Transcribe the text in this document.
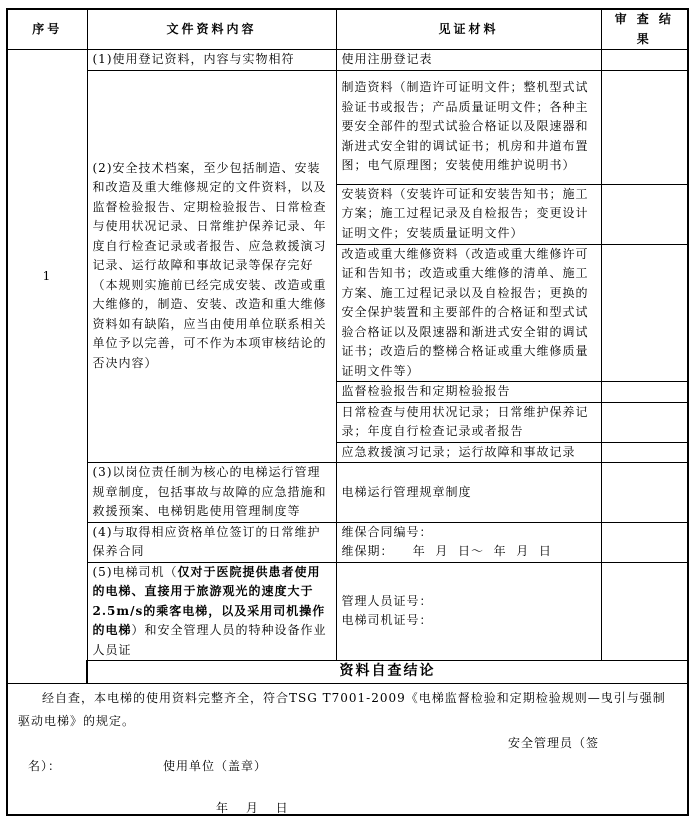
序号	文件资料内容	见证材料	审 查 结 果
1	(1)使用登记资料，内容与实物相符	使用注册登记表	
	(2)安全技术档案，至少包括制造、安装和改造及重大维修规定的文件资料，以及监督检验报告、定期检验报告、日常检查与使用状况记录、日常维护保养记录、年度自行检查记录或者报告、应急救援演习记录、运行故障和事故记录等保存完好（本规则实施前已经完成安装、改造或重大维修的，制造、安装、改造和重大维修资料如有缺陷，应当由使用单位联系相关单位予以完善，可不作为本项审核结论的否决内容）	制造资料（制造许可证明文件；整机型式试验证书或报告；产品质量证明文件；各种主要安全部件的型式试验合格证以及限速器和渐进式安全钳的调试证书；机房和井道布置图；电气原理图；安装使用维护说明书）	
		安装资料（安装许可证和安装告知书；施工方案；施工过程记录及自检报告；变更设计证明文件；安装质量证明文件）	
		改造或重大维修资料（改造或重大维修许可证和告知书；改造或重大维修的清单、施工方案、施工过程记录以及自检报告；更换的安全保护装置和主要部件的合格证和型式试验合格证以及限速器和渐进式安全钳的调试证书；改造后的整梯合格证或重大维修质量证明文件等）	
		监督检验报告和定期检验报告	
		日常检查与使用状况记录；日常维护保养记录；年度自行检查记录或者报告	
		应急救援演习记录；运行故障和事故记录	
	(3)以岗位责任制为核心的电梯运行管理规章制度，包括事故与故障的应急措施和救援预案、电梯钥匙使用管理制度等	电梯运行管理规章制度	
	(4)与取得相应资格单位签订的日常维护保养合同	维保合同编号：
维保期：    年  月  日～  年  月  日	

	(5)电梯司机（仅对于医院提供患者使用的电梯、直接用于旅游观光的速度大于2.5m/s的乘客电梯，以及采用司机操作的电梯）和安全管理人员的特种设备作业人员证	管理人员证号：
电梯司机证号：	

	资料自查结论		

经自查，本电梯的使用资料完整齐全，符合TSG T7001-2009《电梯监督检验和定期检验规则—曳引与强制驱动电梯》的规定。

安全管理员（签
名）： 使用单位（盖章）
年 月 日			
